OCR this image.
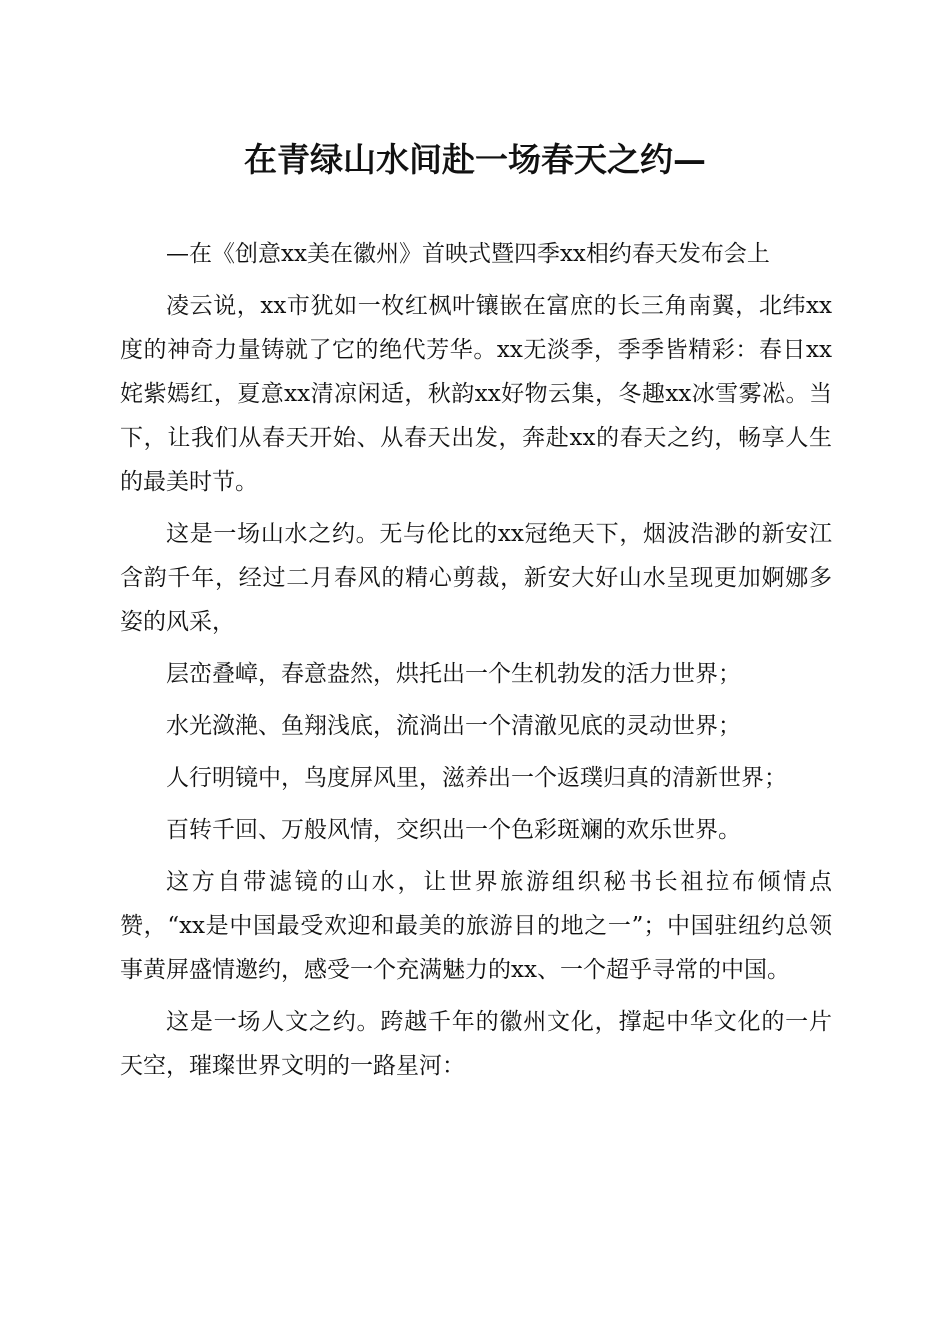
在青绿山水间赴一场春天之约—

—在《创意xx美在徽州》首映式暨四季xx相约春天发布会上

凌云说，xx市犹如一枚红枫叶镶嵌在富庶的长三角南翼，北纬xx度的神奇力量铸就了它的绝代芳华。xx无淡季，季季皆精彩：春日xx姹紫嫣红，夏意xx清凉闲适，秋韵xx好物云集，冬趣xx冰雪雾凇。当下，让我们从春天开始、从春天出发，奔赴xx的春天之约，畅享人生的最美时节。

这是一场山水之约。无与伦比的xx冠绝天下，烟波浩渺的新安江含韵千年，经过二月春风的精心剪裁，新安大好山水呈现更加婀娜多姿的风采，

层峦叠嶂，春意盎然，烘托出一个生机勃发的活力世界；

水光潋滟、鱼翔浅底，流淌出一个清澈见底的灵动世界；

人行明镜中，鸟度屏风里，滋养出一个返璞归真的清新世界；

百转千回、万般风情，交织出一个色彩斑斓的欢乐世界。

这方自带滤镜的山水，让世界旅游组织秘书长祖拉布倾情点赞，“xx是中国最受欢迎和最美的旅游目的地之一”；中国驻纽约总领事黄屏盛情邀约，感受一个充满魅力的xx、一个超乎寻常的中国。

这是一场人文之约。跨越千年的徽州文化，撑起中华文化的一片天空，璀璨世界文明的一路星河：
